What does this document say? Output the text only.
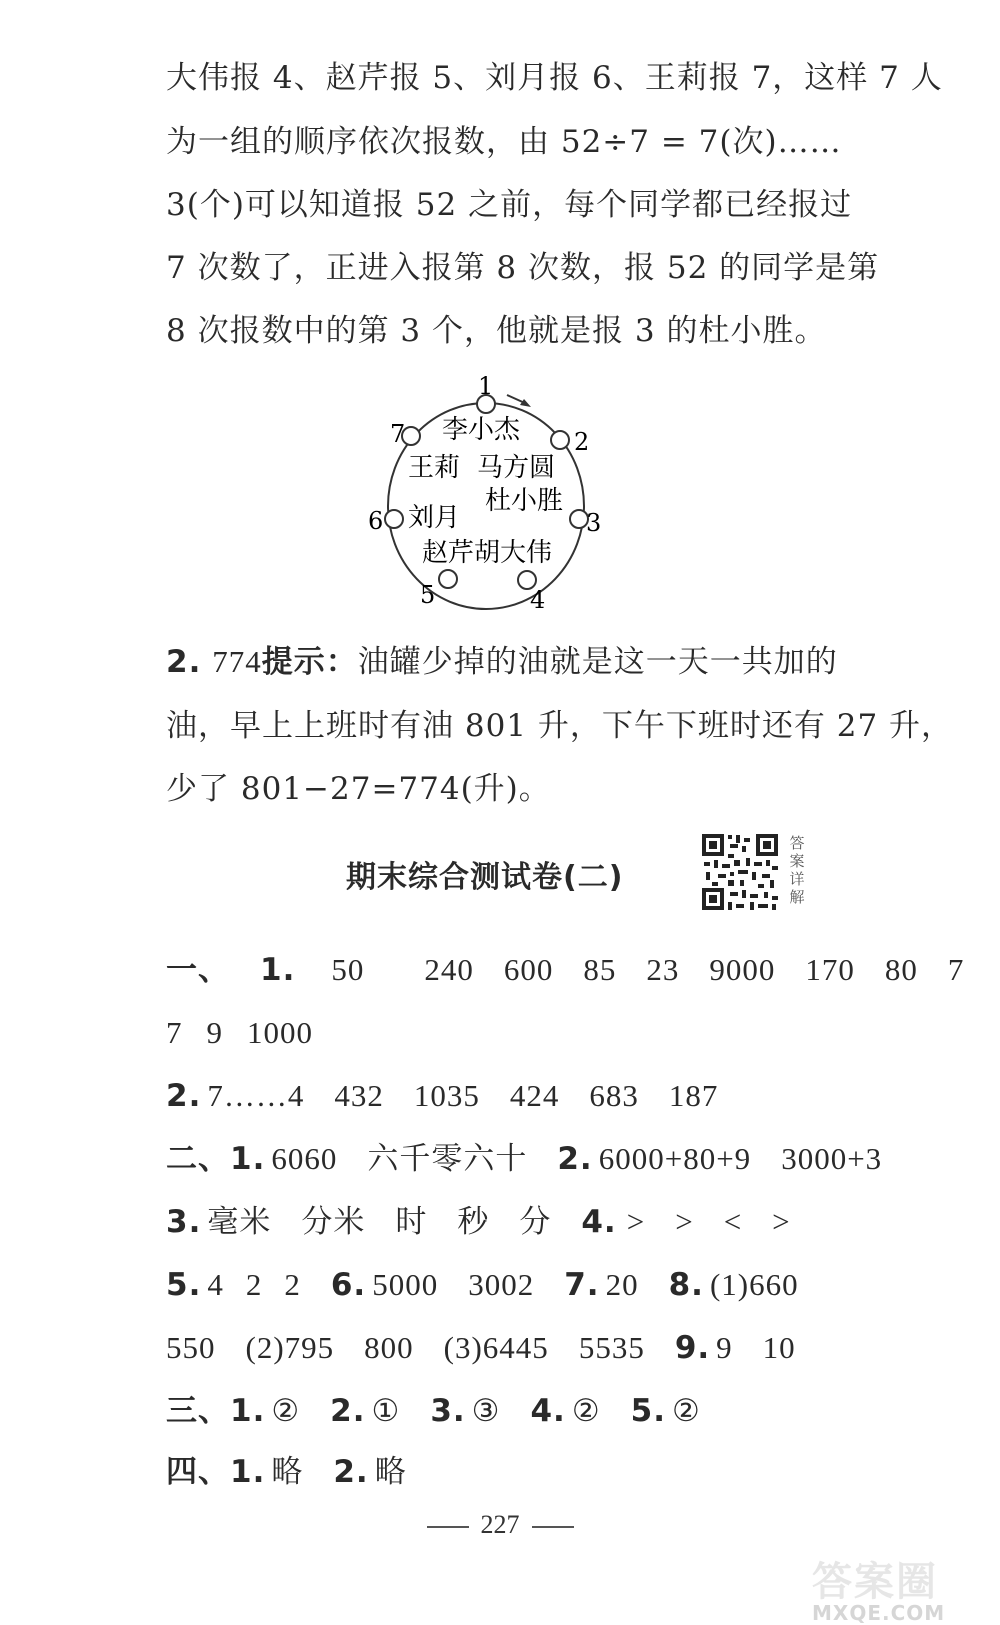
大伟报 4、赵芹报 5、刘月报 6、王莉报 7，这样 7 人
为一组的顺序依次报数，由 52÷7 = 7(次)……
3(个)可以知道报 52 之前，每个同学都已经报过
7 次数了，正进入报第 8 次数，报 52 的同学是第
8 次报数中的第 3 个，他就是报 3 的杜小胜。
1
2
3
4
5
6
7 李小杰
王莉 马方圆
杜小胜
刘月
赵芹胡大伟
2. 774 提示：油罐少掉的油就是这一天一共加的
油，早上上班时有油 801 升，下午下班时还有 27 升，
少了 801−27=774(升)。
期末综合测试卷(二)
答案详解
一、 1. 50	240 600 85 23 9000 170 80 7
7 9 1000
2. 7……4 432 1035 424 683 187
二、1. 6060 六千零六十 2. 6000+80+9 3000+3
3. 毫米 分米 时 秒 分 4. > > < >
5. 4 2 2 6. 5000 3002 7. 20 8. (1)660
550 (2)795 800 (3)6445 5535 9. 9 10
三、1. ② 2. ① 3. ③ 4. ② 5. ②
四、1. 略 2. 略
227
答案圈
MXQE.COM
